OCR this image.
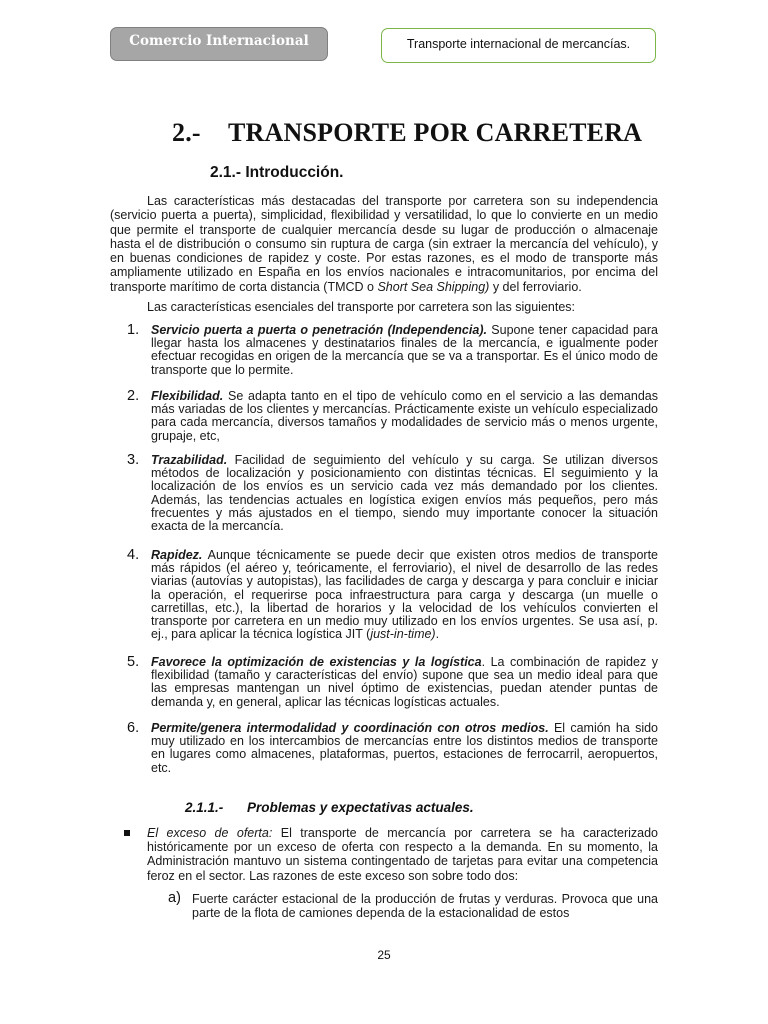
Comercio Internacional	Transporte internacional de mercancías.
2.- TRANSPORTE POR CARRETERA
2.1.- Introducción.

Las características más destacadas del transporte por carretera son su independencia (servicio puerta a puerta), simplicidad, flexibilidad y versatilidad, lo que lo convierte en un medio que permite el transporte de cualquier mercancía desde su lugar de producción o almacenaje hasta el de distribución o consumo sin ruptura de carga (sin extraer la mercancía del vehículo), y en buenas condiciones de rapidez y coste. Por estas razones, es el modo de transporte más ampliamente utilizado en España en los envíos nacionales e intracomunitarios, por encima del transporte marítimo de corta distancia (TMCD o Short Sea Shipping) y del ferroviario.

Las características esenciales del transporte por carretera son las siguientes:

1. Servicio puerta a puerta o penetración (Independencia). Supone tener capacidad para llegar hasta los almacenes y destinatarios finales de la mercancía, e igualmente poder efectuar recogidas en origen de la mercancía que se va a transportar. Es el único modo de transporte que lo permite.

2. Flexibilidad. Se adapta tanto en el tipo de vehículo como en el servicio a las demandas más variadas de los clientes y mercancías. Prácticamente existe un vehículo especializado para cada mercancía, diversos tamaños y modalidades de servicio más o menos urgente, grupaje, etc,

3. Trazabilidad. Facilidad de seguimiento del vehículo y su carga. Se utilizan diversos métodos de localización y posicionamiento con distintas técnicas. El seguimiento y la localización de los envíos es un servicio cada vez más demandado por los clientes. Además, las tendencias actuales en logística exigen envíos más pequeños, pero más frecuentes y más ajustados en el tiempo, siendo muy importante conocer la situación exacta de la mercancía.

4. Rapidez. Aunque técnicamente se puede decir que existen otros medios de transporte más rápidos (el aéreo y, teóricamente, el ferroviario), el nivel de desarrollo de las redes viarias (autovías y autopistas), las facilidades de carga y descarga y para concluir e iniciar la operación, el requerirse poca infraestructura para carga y descarga (un muelle o carretillas, etc.), la libertad de horarios y la velocidad de los vehículos convierten el transporte por carretera en un medio muy utilizado en los envíos urgentes. Se usa así, p. ej., para aplicar la técnica logística JIT (just-in-time).

5. Favorece la optimización de existencias y la logística. La combinación de rapidez y flexibilidad (tamaño y características del envío) supone que sea un medio ideal para que las empresas mantengan un nivel óptimo de existencias, puedan atender puntas de demanda y, en general, aplicar las técnicas logísticas actuales.

6. Permite/genera intermodalidad y coordinación con otros medios. El camión ha sido muy utilizado en los intercambios de mercancías entre los distintos medios de transporte en lugares como almacenes, plataformas, puertos, estaciones de ferrocarril, aeropuertos, etc.

2.1.1.- Problemas y expectativas actuales.

El exceso de oferta: El transporte de mercancía por carretera se ha caracterizado históricamente por un exceso de oferta con respecto a la demanda. En su momento, la Administración mantuvo un sistema contingentado de tarjetas para evitar una competencia feroz en el sector. Las razones de este exceso son sobre todo dos:

a) Fuerte carácter estacional de la producción de frutas y verduras. Provoca que una parte de la flota de camiones dependa de la estacionalidad de estos

25
